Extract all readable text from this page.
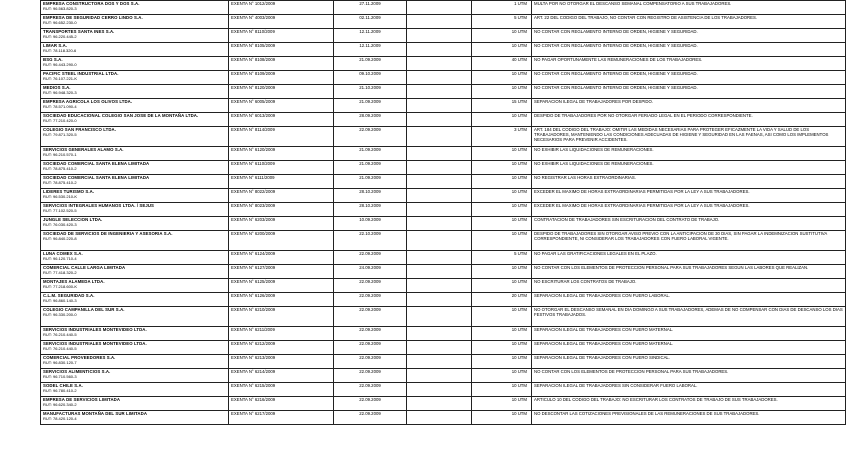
EMPRESA CONSTRUCTORA DOS Y DOS S.A.
RUT: 96.563.820-3	EXENTA N° 1012/2009	27.11.2009		1 UTM	MULTA POR NO OTORGAR EL DESCANSO SEMANAL COMPENSATORIO A SUS TRABAJADORES.

EMPRESA DE SEGURIDAD CERRO LINDO S.A.
RUT: 96.652.230-0	EXENTA N° 4003/2009	02.11.2009		5 UTM	ART. 22 DEL CODIGO DEL TRABAJO, NO CONTAR CON REGISTRO DE ASISTENCIA DE LOS TRABAJADORES.

TRANSPORTES SANTA INES S.A.
RUT: 96.220.445-2	EXENTA N° 8110/2009	12.11.2009		10 UTM	NO CONTAR CON REGLAMENTO INTERNO DE ORDEN, HIGIENE Y SEGURIDAD.

LIMAR S.A.
RUT: 78.118.320-6	EXENTA N° 8105/2009	12.11.2009		10 UTM	NO CONTAR CON REGLAMENTO INTERNO DE ORDEN, HIGIENE Y SEGURIDAD.

BSG S.A.
RUT: 96.443.290-0	EXENTA N° 8108/2009	21.09.2009		40 UTM	NO PAGAR OPORTUNAMENTE LAS REMUNERACIONES DE LOS TRABAJADORES.

PACIFIC STEEL INDUSTRIAL LTDA.
RUT: 76.107.221-K	EXENTA N° 8109/2009	09.10.2009		10 UTM	NO CONTAR CON REGLAMENTO INTERNO DE ORDEN, HIGIENE Y SEGURIDAD.

MEDIOS S.A.
RUT: 96.948.320-3	EXENTA N° 8120/2009	21.10.2009		10 UTM	NO CONTAR CON REGLAMENTO INTERNO DE ORDEN, HIGIENE Y SEGURIDAD.

EMPRESA AGRICOLA LOS OLIVOS LTDA.
RUT: 78.571.090-4	EXENTA N° 6005/2009	21.09.2009		15 UTM	SEPARACION ILEGAL DE TRABAJADORES POR DESPIDO.

SOCIEDAD EDUCACIONAL COLEGIO SAN JOSE DE LA MONTAÑA LTDA.
RUT: 77.210.420-0	EXENTA N° 6013/2009	28.09.2009		10 UTM	DESPIDO DE TRABAJADORES POR NO OTORGAR FERIADO LEGAL EN EL PERIODO CORRESPONDIENTE.

COLEGIO SAN FRANCISCO LTDA.
RUT: 79.871.320-5	EXENTA N° 8114/2009	22.09.2009		3 UTM	ART. 184 DEL CODIGO DEL TRABAJO: OMITIR LAS MEDIDAS NECESARIAS PARA PROTEGER EFICAZMENTE LA VIDA Y SALUD DE LOS TRABAJADORES, MANTENIENDO LAS CONDICIONES ADECUADAS DE HIGIENE Y SEGURIDAD EN LAS FAENAS, ASI COMO LOS IMPLEMENTOS NECESARIOS PARA PREVENIR ACCIDENTES.

SERVICIOS GENERALES ALAMO S.A.
RUT: 96.210.570-1	EXENTA N° 6120/2009	21.09.2009		10 UTM	NO EXHIBIR LAS LIQUIDACIONES DE REMUNERACIONES.

SOCIEDAD COMERCIAL SANTA ELENA LIMITADA
RUT: 78.875.410-2	EXENTA N° 6110/2009	21.09.2009		10 UTM	NO EXHIBIR LAS LIQUIDACIONES DE REMUNERACIONES.

SOCIEDAD COMERCIAL SANTA ELENA LIMITADA
RUT: 78.875.410-2	EXENTA N° 6111/2009	21.09.2009		10 UTM	NO REGISTRAR LAS HORAS EXTRAORDINARIAS.

LIDERES TURISMO S.A.
RUT: 96.530.210-K	EXENTA N° 8022/2009	28.10.2009		10 UTM	EXCEDER EL MAXIMO DE HORAS EXTRAORDINARIAS PERMITIDAS POR LA LEY A SUS TRABAJADORES.

SERVICIOS INTEGRALES HUMANOS LTDA. / SEJUS
RUT: 77.102.520-5	EXENTA N° 8023/2009	28.10.2009		10 UTM	EXCEDER EL MAXIMO DE HORAS EXTRAORDINARIAS PERMITIDAS POR LA LEY A SUS TRABAJADORES.

JUNGLE SELECCION LTDA.
RUT: 76.030.420-3	EXENTA N° 6203/2009	10.09.2009		10 UTM	CONTRATACION DE TRABAJADORES SIN ESCRITURACION DEL CONTRATO DE TRABAJO.

SOCIEDAD DE SERVICIOS DE INGENIERIA Y ASESORIA S.A.
RUT: 96.840.220-8	EXENTA N° 6200/2009	22.10.2009		10 UTM	DESPIDO DE TRABAJADORES SIN OTORGAR AVISO PREVIO CON LA ANTICIPACION DE 30 DIAS, SIN PAGAR LA INDEMNIZACION SUSTITUTIVA CORRESPONDIENTE, NI CONSIDERAR LOS TRABAJADORES CON FUERO LABORAL VIGENTE.

LUNA COMEX S.A.
RUT: 96.120.710-4	EXENTA N° 6124/2009	22.09.2009		5 UTM	NO PAGAR LAS GRATIFICACIONES LEGALES EN EL PLAZO.

COMERCIAL CALLE LARGA LIMITADA
RUT: 77.418.320-2	EXENTA N° 6127/2009	24.09.2009		10 UTM	NO CONTAR CON LOS ELEMENTOS DE PROTECCION PERSONAL PARA SUS TRABAJADORES SEGUN LAS LABORES QUE REALIZAN.

MONTAJES ALAMEDA LTDA.
RUT: 77.218.600-K	EXENTA N° 6125/2009	22.09.2009		10 UTM	NO ESCRITURAR LOS CONTRATOS DE TRABAJO.

C.L.M. SEGURIDAD S.A.
RUT: 96.860.140-3	EXENTA N° 6126/2009	22.09.2009		20 UTM	SEPARACION ILEGAL DE TRABAJADORES CON FUERO LABORAL.

COLEGIO CAMPANILLA DEL SUR S.A.
RUT: 96.330.200-0	EXENTA N° 6210/2009	22.09.2009		10 UTM	NO OTORGAR EL DESCANSO SEMANAL EN DIA DOMINGO A SUS TRABAJADORES, ADEMAS DE NO COMPENSAR CON DIAS DE DESCANSO LOS DIAS FESTIVOS TRABAJADOS.

SERVICIOS INDUSTRIALES MONTEVIDEO LTDA.
RUT: 76.210.440-5	EXENTA N° 6211/2009	22.09.2009		10 UTM	SEPARACION ILEGAL DE TRABAJADORES CON FUERO MATERNAL.

SERVICIOS INDUSTRIALES MONTEVIDEO LTDA.
RUT: 76.210.440-5	EXENTA N° 6212/2009	22.09.2009		10 UTM	SEPARACION ILEGAL DE TRABAJADORES CON FUERO MATERNAL.

COMERCIAL PROVEEDORES S.A.
RUT: 96.830.120-7	EXENTA N° 6213/2009	22.09.2009		10 UTM	SEPARACION ILEGAL DE TRABAJADORES CON FUERO SINDICAL.

SERVICIOS ALIMENTICIOS S.A.
RUT: 96.710.560-3	EXENTA N° 6214/2009	22.09.2009		10 UTM	NO CONTAR CON LOS ELEMENTOS DE PROTECCION PERSONAL PARA SUS TRABAJADORES.

SODEL CHILE S.A.
RUT: 96.780.410-2	EXENTA N° 6215/2009	22.09.2009		10 UTM	SEPARACION ILEGAL DE TRABAJADORES SIN CONSIDERAR FUERO LABORAL.

EMPRESA DE SERVICIOS LIMITADA
RUT: 96.620.340-2	EXENTA N° 6216/2009	22.09.2009		10 UTM	ARTICULO 10 DEL CODIGO DEL TRABAJO: NO ESCRITURAR LOS CONTRATOS DE TRABAJO DE SUS TRABAJADORES.

MANUFACTURAS MONTAÑA DEL SUR LIMITADA
RUT: 78.420.120-4	EXENTA N° 6217/2009	22.09.2009		10 UTM	NO DESCONTAR LAS COTIZACIONES PREVISIONALES DE LAS REMUNERACIONES DE SUS TRABAJADORES.
